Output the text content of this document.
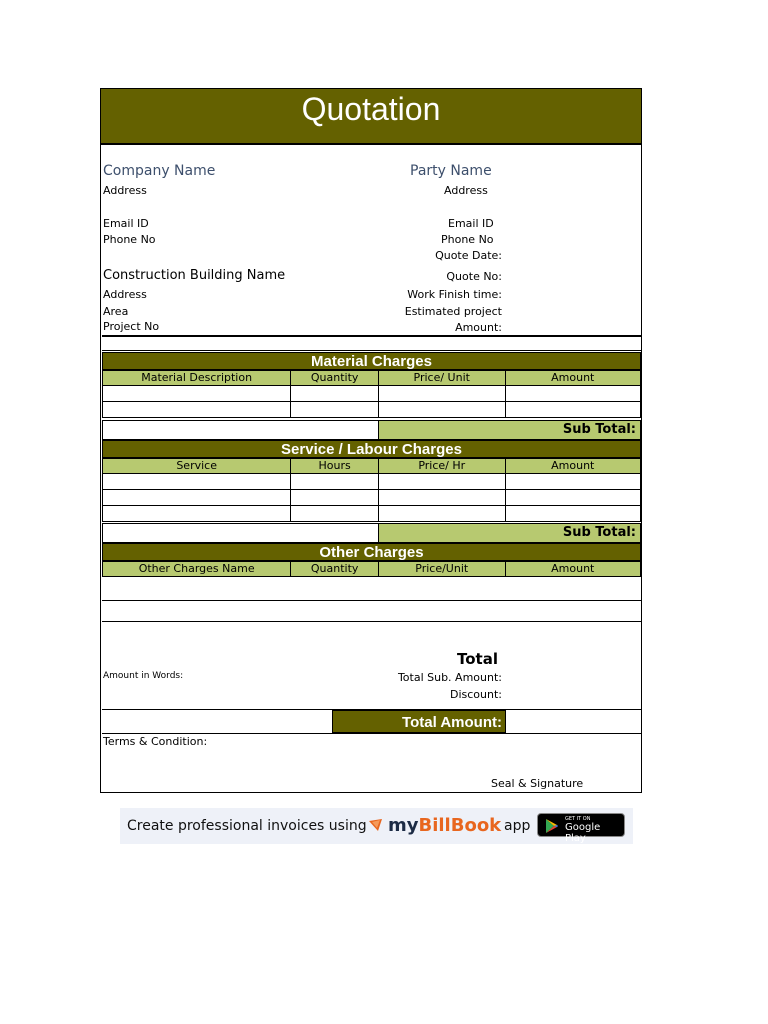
Quotation
Company Name
Address
Email ID
Phone No
Party Name
Address
Email ID
Phone No
Quote Date:
Quote No:
Work Finish time:
Estimated project
Amount:
Construction Building Name
Address
Area
Project No
Material Charges
Material Description	Quantity	Price/ Unit	Amount
Sub Total:
Service / Labour Charges
Service	Hours	Price/ Hr	Amount
Sub Total:
Other Charges
Other Charges Name	Quantity	Price/Unit	Amount
Total
Amount in Words:	Total Sub. Amount:
Discount:
Total Amount:
Terms & Condition:
Seal & Signature
Create professional invoices using myBillBook app	GET IT ON
Google Play
